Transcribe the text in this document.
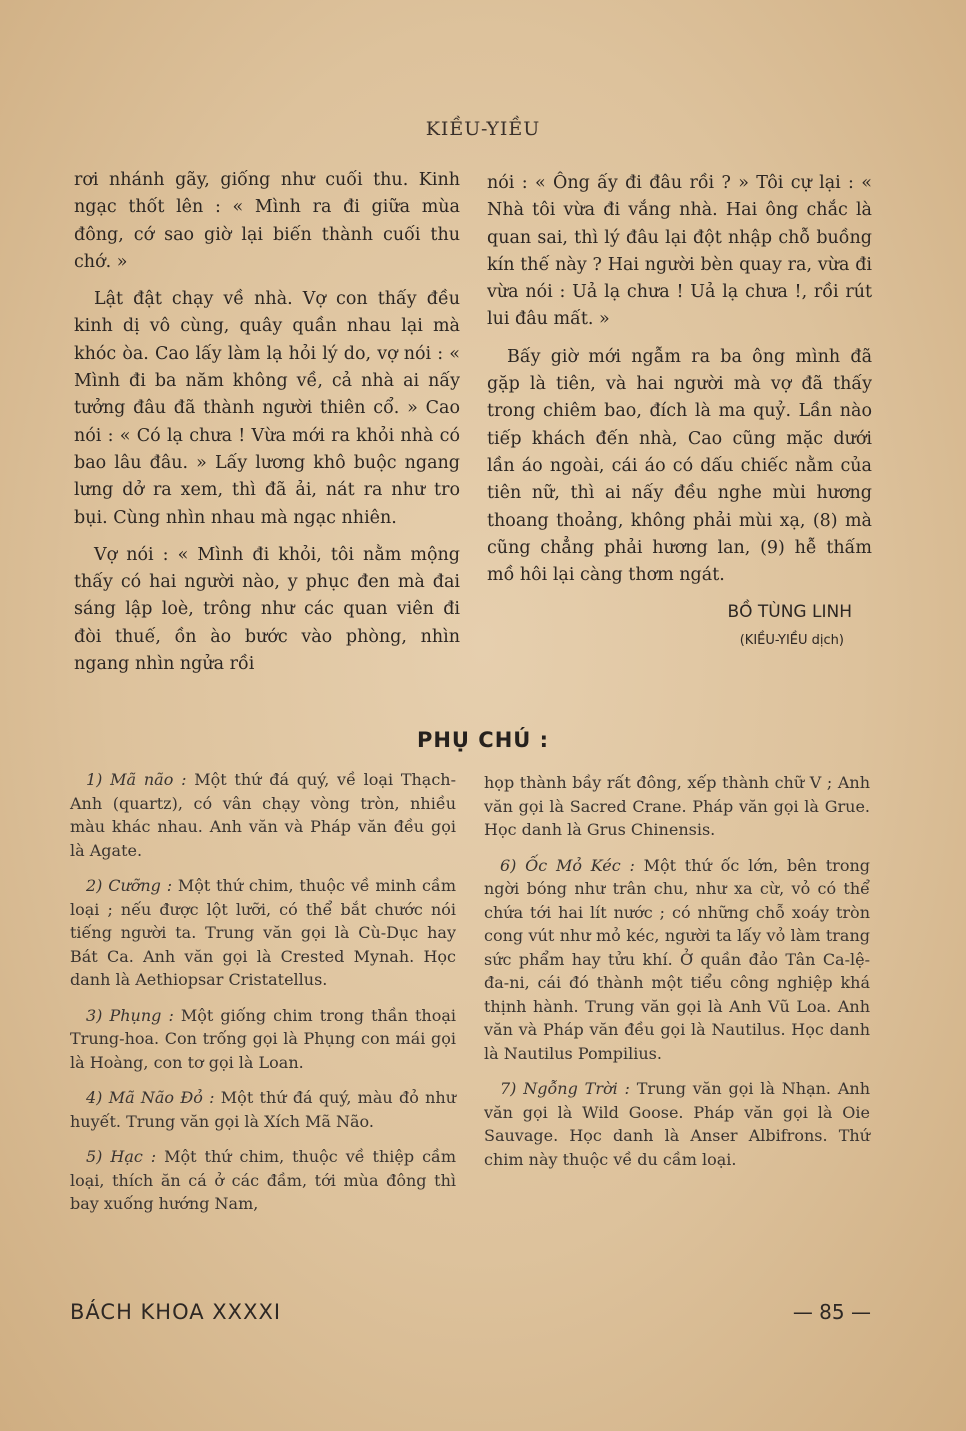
KIỀU-YIỀU

rơi nhánh gãy, giống như cuối thu. Kinh ngạc thốt lên : « Mình ra đi giữa mùa đông, cớ sao giờ lại biến thành cuối thu chớ. »

Lật đật chạy về nhà. Vợ con thấy đều kinh dị vô cùng, quây quần nhau lại mà khóc òa. Cao lấy làm lạ hỏi lý do, vợ nói : « Mình đi ba năm không về, cả nhà ai nấy tưởng đâu đã thành người thiên cổ. » Cao nói : « Có lạ chưa ! Vừa mới ra khỏi nhà có bao lâu đâu. » Lấy lương khô buộc ngang lưng dở ra xem, thì đã ải, nát ra như tro bụi. Cùng nhìn nhau mà ngạc nhiên.

Vợ nói : « Mình đi khỏi, tôi nằm mộng thấy có hai người nào, y phục đen mà đai sáng lập loè, trông như các quan viên đi đòi thuế, ồn ào bước vào phòng, nhìn ngang nhìn ngửa rồi

nói : « Ông ấy đi đâu rồi ? » Tôi cự lại : « Nhà tôi vừa đi vắng nhà. Hai ông chắc là quan sai, thì lý đâu lại đột nhập chỗ buồng kín thế này ? Hai người bèn quay ra, vừa đi vừa nói : Uả lạ chưa ! Uả lạ chưa !, rồi rút lui đâu mất. »

Bấy giờ mới ngẫm ra ba ông mình đã gặp là tiên, và hai người mà vợ đã thấy trong chiêm bao, đích là ma quỷ. Lần nào tiếp khách đến nhà, Cao cũng mặc dưới lần áo ngoài, cái áo có dấu chiếc nằm của tiên nữ, thì ai nấy đều nghe mùi hương thoang thoảng, không phải mùi xạ, (8) mà cũng chẳng phải hương lan, (9) hễ thấm mồ hôi lại càng thơm ngát.

BỒ TÙNG LINH

(KIỀU-YIỀU dịch)

PHỤ CHÚ :

1) Mã não : Một thứ đá quý, về loại Thạch-Anh (quartz), có vân chạy vòng tròn, nhiều màu khác nhau. Anh văn và Pháp văn đều gọi là Agate.

2) Cưỡng : Một thứ chim, thuộc về minh cầm loại ; nếu được lột lưỡi, có thể bắt chước nói tiếng người ta. Trung văn gọi là Cù-Dục hay Bát Ca. Anh văn gọi là Crested Mynah. Học danh là Aethiopsar Cristatellus.

3) Phụng : Một giống chim trong thần thoại Trung-hoa. Con trống gọi là Phụng con mái gọi là Hoàng, con tơ gọi là Loan.

4) Mã Não Đỏ : Một thứ đá quý, màu đỏ như huyết. Trung văn gọi là Xích Mã Não.

5) Hạc : Một thứ chim, thuộc về thiệp cầm loại, thích ăn cá ở các đầm, tới mùa đông thì bay xuống hướng Nam,

họp thành bầy rất đông, xếp thành chữ V ; Anh văn gọi là Sacred Crane. Pháp văn gọi là Grue. Học danh là Grus Chinensis.

6) Ốc Mỏ Kéc : Một thứ ốc lớn, bên trong ngời bóng như trân chu, như xa cừ, vỏ có thể chứa tới hai lít nước ; có những chỗ xoáy tròn cong vút như mỏ kéc, người ta lấy vỏ làm trang sức phẩm hay tửu khí. Ở quần đảo Tân Ca-lệ-đa-ni, cái đó thành một tiểu công nghiệp khá thịnh hành. Trung văn gọi là Anh Vũ Loa. Anh văn và Pháp văn đều gọi là Nautilus. Học danh là Nautilus Pompilius.

7) Ngỗng Trời : Trung văn gọi là Nhạn. Anh văn gọi là Wild Goose. Pháp văn gọi là Oie Sauvage. Học danh là Anser Albifrons. Thứ chim này thuộc về du cầm loại.

BÁCH KHOA XXXXI	— 85 —
